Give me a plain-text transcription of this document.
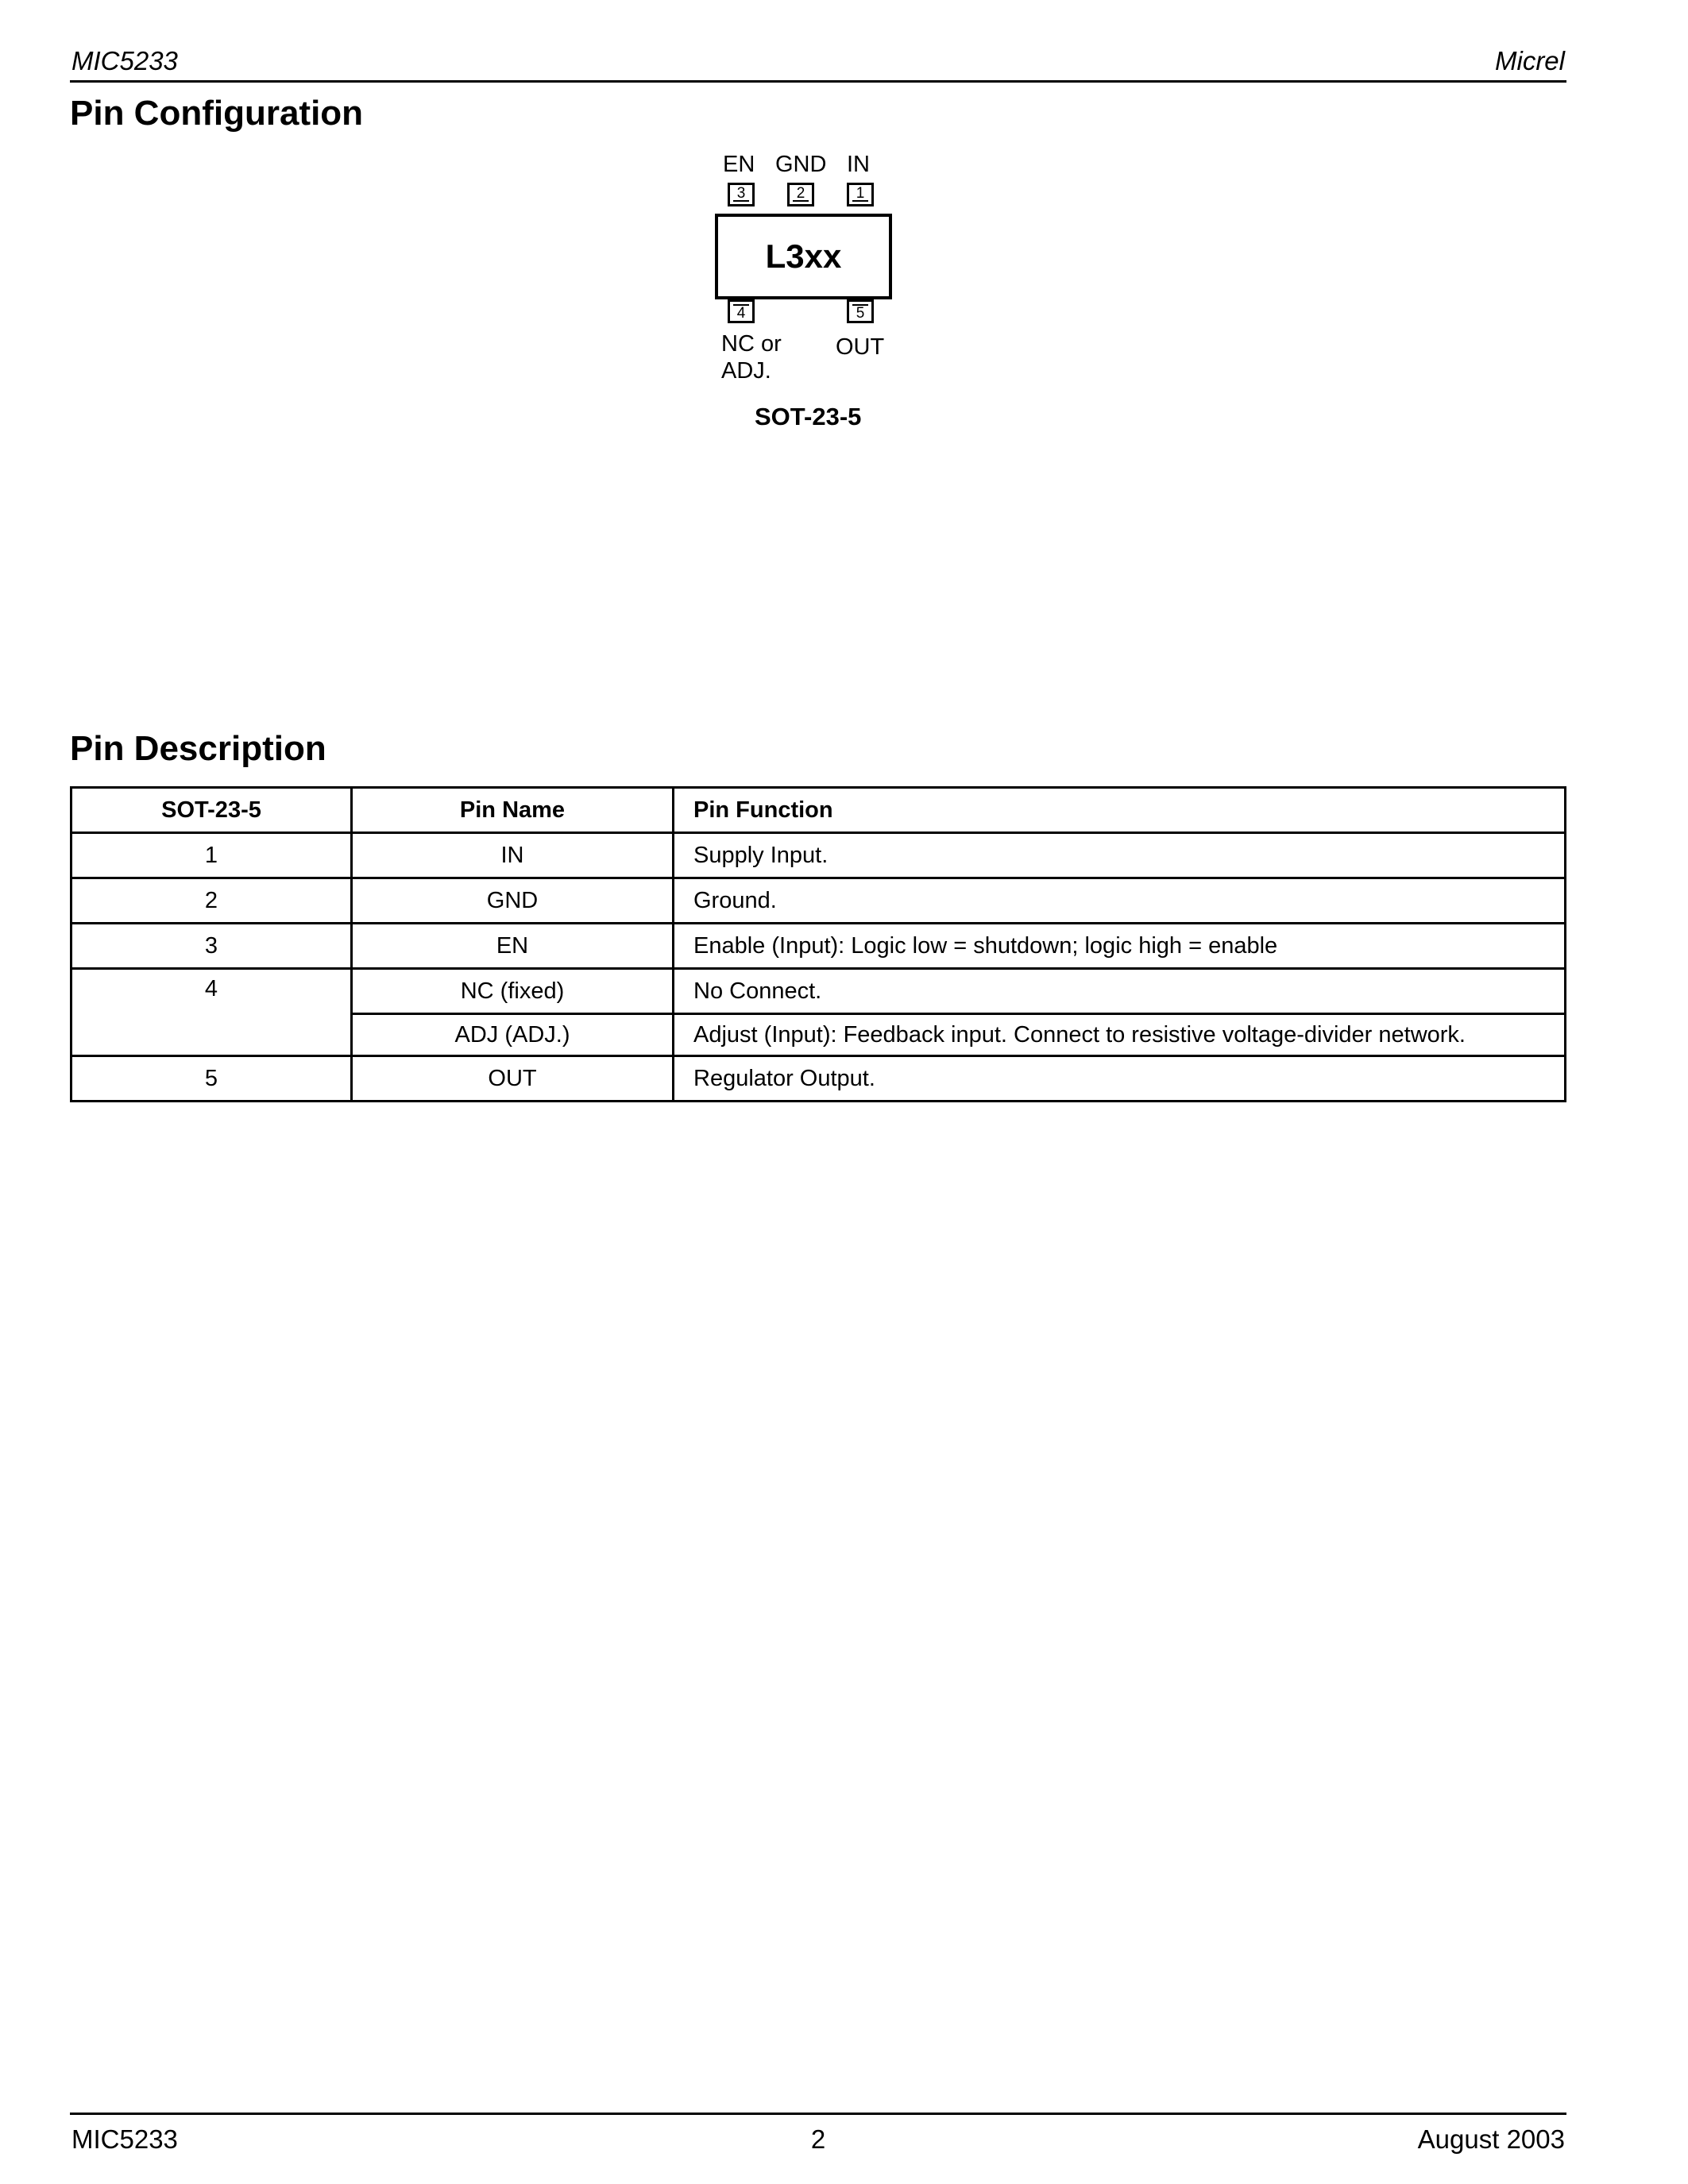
MIC5233	Micrel
Pin Configuration
EN GND IN
3	2	1
L3xx
4	5
NC or
ADJ.
OUT
SOT-23-5
Pin Description
SOT-23-5	Pin Name	Pin Function
1	IN	Supply Input.
2	GND	Ground.
3	EN	Enable (Input): Logic low = shutdown; logic high = enable
4	NC (fixed)	No Connect.
	ADJ (ADJ.)	Adjust (Input): Feedback input. Connect to resistive voltage-divider network.
5	OUT	Regulator Output.
MIC5233	2	August 2003
